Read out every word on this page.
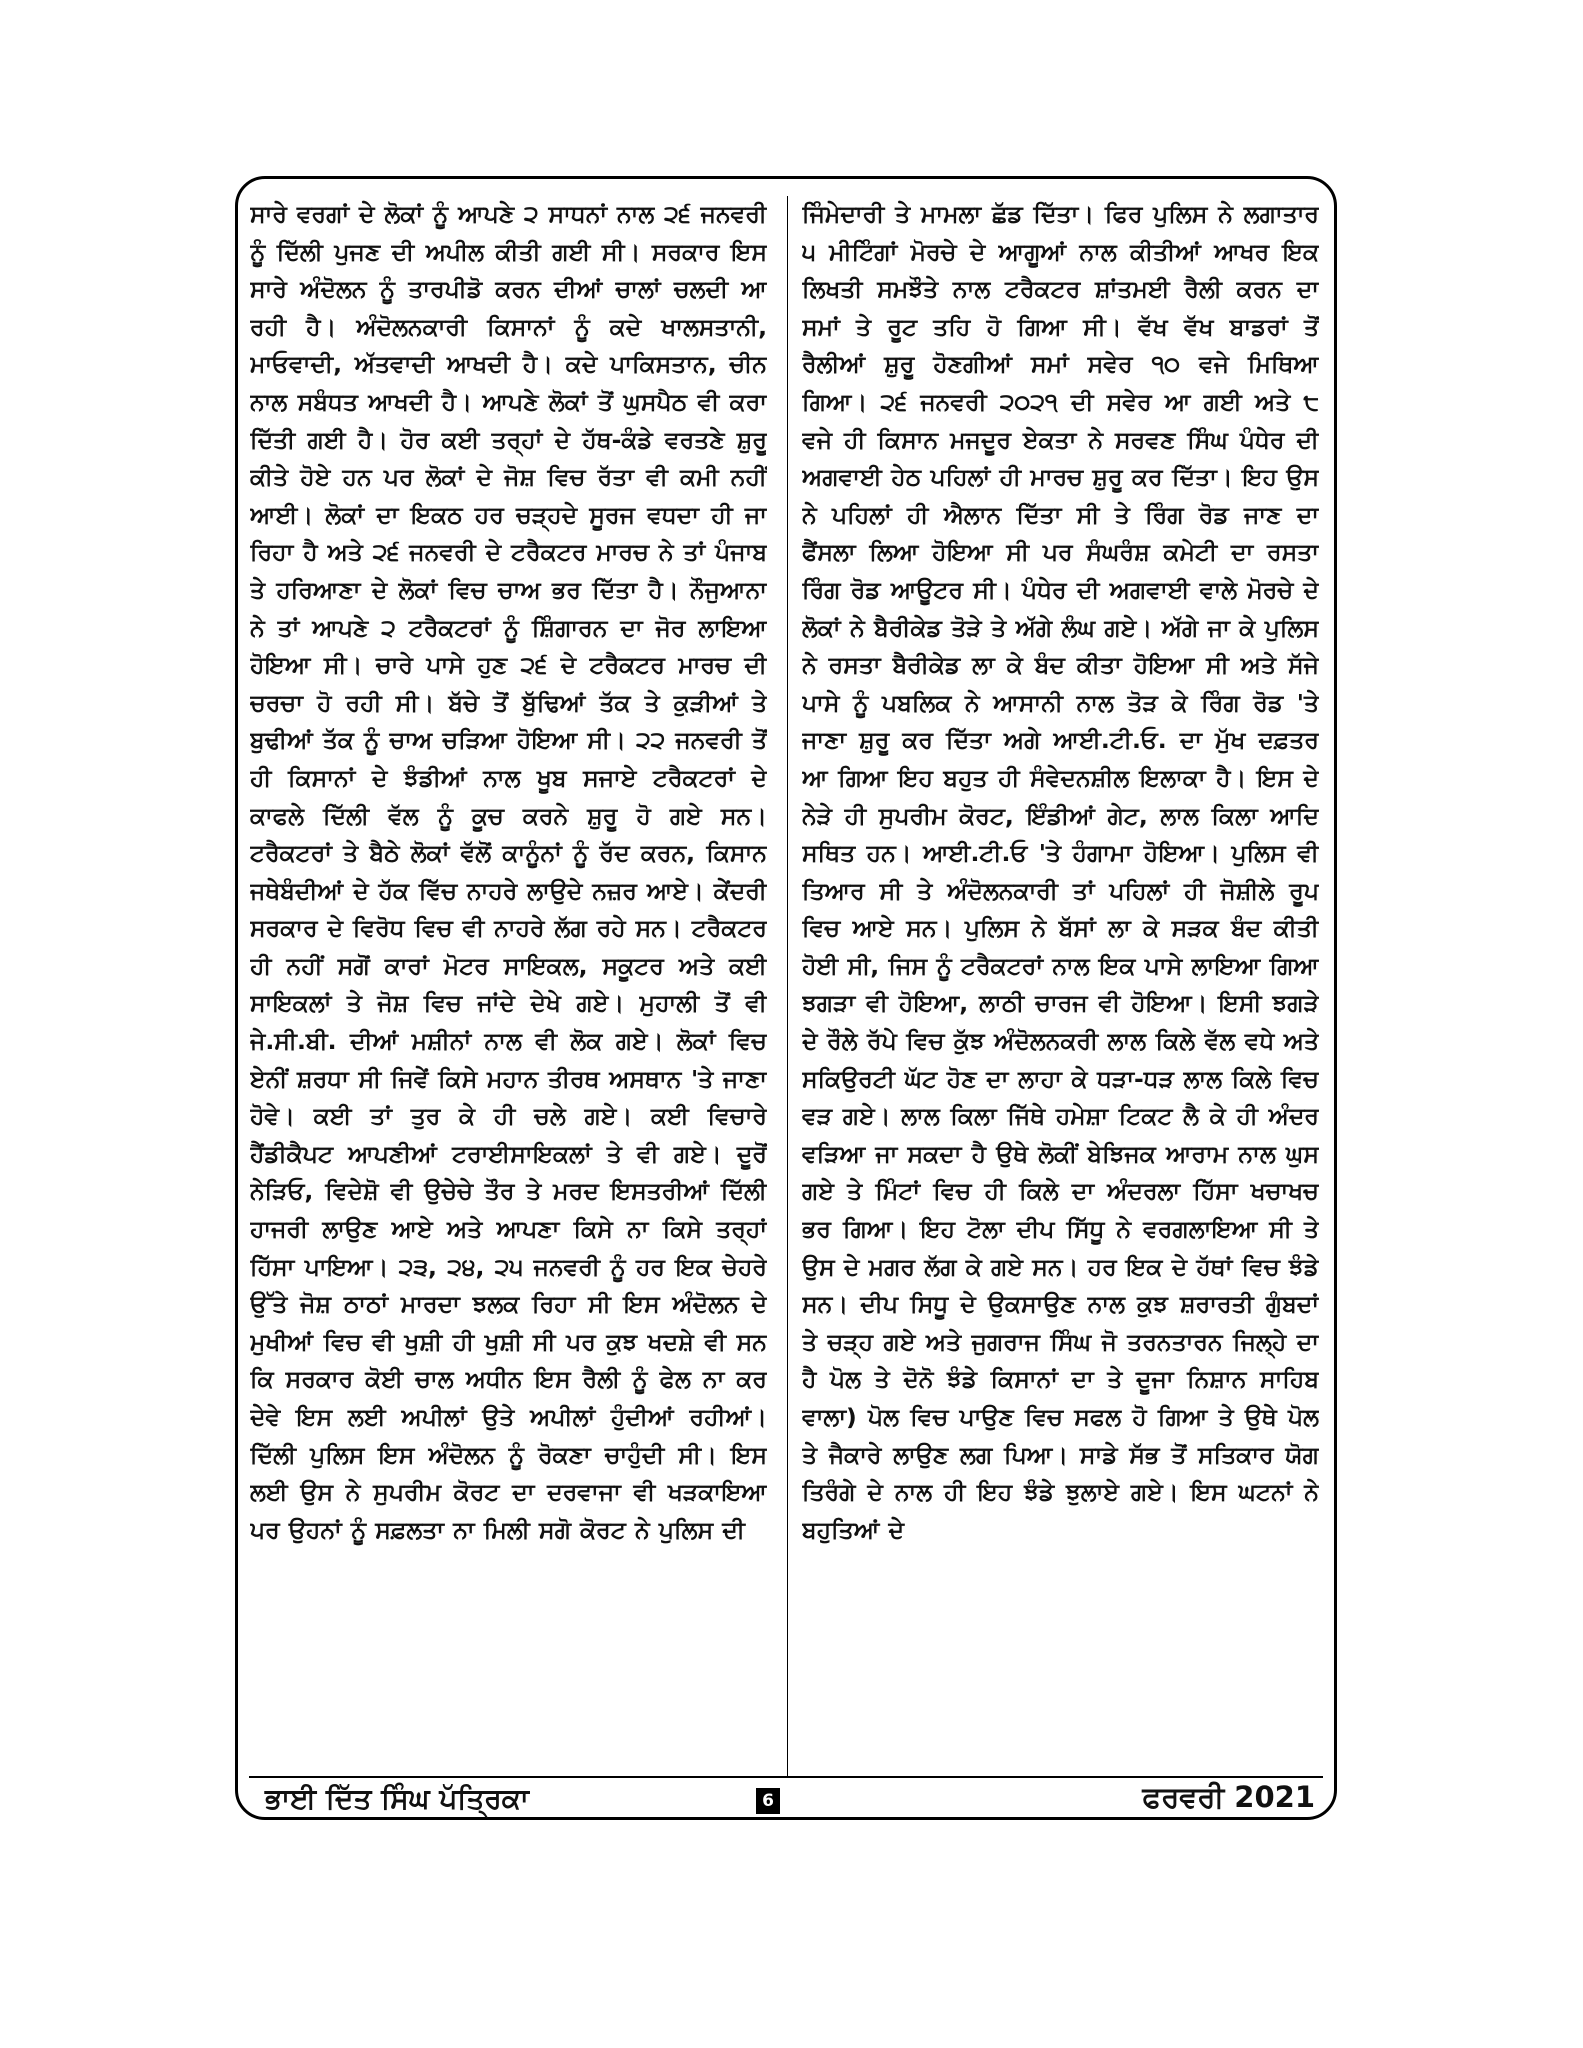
ਸਾਰੇ ਵਰਗਾਂ ਦੇ ਲੋਕਾਂ ਨੂੰ ਆਪਣੇ ੨ ਸਾਧਨਾਂ ਨਾਲ ੨੬ ਜਨਵਰੀ ਨੂੰ ਦਿੱਲੀ ਪੁਜਣ ਦੀ ਅਪੀਲ ਕੀਤੀ ਗਈ ਸੀ। ਸਰਕਾਰ ਇਸ ਸਾਰੇ ਅੰਦੋਲਨ ਨੂੰ ਤਾਰਪੀਡੋ ਕਰਨ ਦੀਆਂ ਚਾਲਾਂ ਚਲਦੀ ਆ ਰਹੀ ਹੈ। ਅੰਦੋਲਨਕਾਰੀ ਕਿਸਾਨਾਂ ਨੂੰ ਕਦੇ ਖਾਲਸਤਾਨੀ, ਮਾਓਵਾਦੀ, ਅੱਤਵਾਦੀ ਆਖਦੀ ਹੈ। ਕਦੇ ਪਾਕਿਸਤਾਨ, ਚੀਨ ਨਾਲ ਸਬੰਧਤ ਆਖਦੀ ਹੈ। ਆਪਣੇ ਲੋਕਾਂ ਤੋਂ ਘੁਸਪੈਠ ਵੀ ਕਰਾ ਦਿੱਤੀ ਗਈ ਹੈ। ਹੋਰ ਕਈ ਤਰ੍ਹਾਂ ਦੇ ਹੱਥ-ਕੰਡੇ ਵਰਤਣੇ ਸ਼ੁਰੂ ਕੀਤੇ ਹੋਏ ਹਨ ਪਰ ਲੋਕਾਂ ਦੇ ਜੋਸ਼ ਵਿਚ ਰੱਤਾ ਵੀ ਕਮੀ ਨਹੀਂ ਆਈ। ਲੋਕਾਂ ਦਾ ਇਕਠ ਹਰ ਚੜ੍ਹਦੇ ਸੂਰਜ ਵਧਦਾ ਹੀ ਜਾ ਰਿਹਾ ਹੈ ਅਤੇ ੨੬ ਜਨਵਰੀ ਦੇ ਟਰੈਕਟਰ ਮਾਰਚ ਨੇ ਤਾਂ ਪੰਜਾਬ ਤੇ ਹਰਿਆਣਾ ਦੇ ਲੋਕਾਂ ਵਿਚ ਚਾਅ ਭਰ ਦਿੱਤਾ ਹੈ। ਨੌਜੁਆਨਾ ਨੇ ਤਾਂ ਆਪਣੇ ੨ ਟਰੈਕਟਰਾਂ ਨੂੰ ਸ਼ਿੰਗਾਰਨ ਦਾ ਜੋਰ ਲਾਇਆ ਹੋਇਆ ਸੀ। ਚਾਰੇ ਪਾਸੇ ਹੁਣ ੨੬ ਦੇ ਟਰੈਕਟਰ ਮਾਰਚ ਦੀ ਚਰਚਾ ਹੋ ਰਹੀ ਸੀ। ਬੱਚੇ ਤੋਂ ਬੁੱਢਿਆਂ ਤੱਕ ਤੇ ਕੁੜੀਆਂ ਤੇ ਬੁਢੀਆਂ ਤੱਕ ਨੂੰ ਚਾਅ ਚੜਿਆ ਹੋਇਆ ਸੀ। ੨੨ ਜਨਵਰੀ ਤੋਂ ਹੀ ਕਿਸਾਨਾਂ ਦੇ ਝੰਡੀਆਂ ਨਾਲ ਖੂਬ ਸਜਾਏ ਟਰੈਕਟਰਾਂ ਦੇ ਕਾਫਲੇ ਦਿੱਲੀ ਵੱਲ ਨੂੰ ਕੂਚ ਕਰਨੇ ਸ਼ੁਰੂ ਹੋ ਗਏ ਸਨ। ਟਰੈਕਟਰਾਂ ਤੇ ਬੈਠੇ ਲੋਕਾਂ ਵੱਲੋਂ ਕਾਨੂੰਨਾਂ ਨੂੰ ਰੱਦ ਕਰਨ, ਕਿਸਾਨ ਜਥੇਬੰਦੀਆਂ ਦੇ ਹੱਕ ਵਿੱਚ ਨਾਹਰੇ ਲਾਉਦੇ ਨਜ਼ਰ ਆਏ। ਕੇਂਦਰੀ ਸਰਕਾਰ ਦੇ ਵਿਰੋਧ ਵਿਚ ਵੀ ਨਾਹਰੇ ਲੱਗ ਰਹੇ ਸਨ। ਟਰੈਕਟਰ ਹੀ ਨਹੀਂ ਸਗੋਂ ਕਾਰਾਂ ਮੋਟਰ ਸਾਇਕਲ, ਸਕੂਟਰ ਅਤੇ ਕਈ ਸਾਇਕਲਾਂ ਤੇ ਜੋਸ਼ ਵਿਚ ਜਾਂਦੇ ਦੇਖੇ ਗਏ। ਮੁਹਾਲੀ ਤੋਂ ਵੀ ਜੇ.ਸੀ.ਬੀ. ਦੀਆਂ ਮਸ਼ੀਨਾਂ ਨਾਲ ਵੀ ਲੋਕ ਗਏ। ਲੋਕਾਂ ਵਿਚ ਏਨੀਂ ਸ਼ਰਧਾ ਸੀ ਜਿਵੇਂ ਕਿਸੇ ਮਹਾਨ ਤੀਰਥ ਅਸਥਾਨ 'ਤੇ ਜਾਣਾ ਹੋਵੇ। ਕਈ ਤਾਂ ਤੁਰ ਕੇ ਹੀ ਚਲੇ ਗਏ। ਕਈ ਵਿਚਾਰੇ ਹੈਂਡੀਕੈਪਟ ਆਪਣੀਆਂ ਟਰਾਈਸਾਇਕਲਾਂ ਤੇ ਵੀ ਗਏ। ਦੂਰੋਂ ਨੇੜਿਓ, ਵਿਦੇਸ਼ੋ ਵੀ ਉਚੇਚੇ ਤੌਰ ਤੇ ਮਰਦ ਇਸਤਰੀਆਂ ਦਿੱਲੀ ਹਾਜਰੀ ਲਾਉਣ ਆਏ ਅਤੇ ਆਪਣਾ ਕਿਸੇ ਨਾ ਕਿਸੇ ਤਰ੍ਹਾਂ ਹਿੱਸਾ ਪਾਇਆ। ੨੩, ੨੪, ੨੫ ਜਨਵਰੀ ਨੂੰ ਹਰ ਇਕ ਚੇਹਰੇ ਉੱਤੇ ਜੋਸ਼ ਠਾਠਾਂ ਮਾਰਦਾ ਝਲਕ ਰਿਹਾ ਸੀ ਇਸ ਅੰਦੋਲਨ ਦੇ ਮੁਖੀਆਂ ਵਿਚ ਵੀ ਖੁਸ਼ੀ ਹੀ ਖੁਸ਼ੀ ਸੀ ਪਰ ਕੁਝ ਖਦਸ਼ੇ ਵੀ ਸਨ ਕਿ ਸਰਕਾਰ ਕੋਈ ਚਾਲ ਅਧੀਨ ਇਸ ਰੈਲੀ ਨੂੰ ਫੇਲ ਨਾ ਕਰ ਦੇਵੇ ਇਸ ਲਈ ਅਪੀਲਾਂ ਉਤੇ ਅਪੀਲਾਂ ਹੁੰਦੀਆਂ ਰਹੀਆਂ। ਦਿੱਲੀ ਪੁਲਿਸ ਇਸ ਅੰਦੋਲਨ ਨੂੰ ਰੋਕਣਾ ਚਾਹੁੰਦੀ ਸੀ। ਇਸ ਲਈ ਉਸ ਨੇ ਸੁਪਰੀਮ ਕੋਰਟ ਦਾ ਦਰਵਾਜਾ ਵੀ ਖੜਕਾਇਆ ਪਰ ਉਹਨਾਂ ਨੂੰ ਸਫ਼ਲਤਾ ਨਾ ਮਿਲੀ ਸਗੋ ਕੋਰਟ ਨੇ ਪੁਲਿਸ ਦੀ

ਜਿੰਮੇਦਾਰੀ ਤੇ ਮਾਮਲਾ ਛੱਡ ਦਿੱਤਾ। ਫਿਰ ਪੁਲਿਸ ਨੇ ਲਗਾਤਾਰ ੫ ਮੀਟਿੰਗਾਂ ਮੋਰਚੇ ਦੇ ਆਗੂਆਂ ਨਾਲ ਕੀਤੀਆਂ ਆਖਰ ਇਕ ਲਿਖਤੀ ਸਮਝੌਤੇ ਨਾਲ ਟਰੈਕਟਰ ਸ਼ਾਂਤਮਈ ਰੈਲੀ ਕਰਨ ਦਾ ਸਮਾਂ ਤੇ ਰੂਟ ਤਹਿ ਹੋ ਗਿਆ ਸੀ। ਵੱਖ ਵੱਖ ਬਾਡਰਾਂ ਤੋਂ ਰੈਲੀਆਂ ਸ਼ੁਰੂ ਹੋਣਗੀਆਂ ਸਮਾਂ ਸਵੇਰ ੧੦ ਵਜੇ ਮਿਥਿਆ ਗਿਆ। ੨੬ ਜਨਵਰੀ ੨੦੨੧ ਦੀ ਸਵੇਰ ਆ ਗਈ ਅਤੇ ੮ ਵਜੇ ਹੀ ਕਿਸਾਨ ਮਜਦੂਰ ਏਕਤਾ ਨੇ ਸਰਵਣ ਸਿੰਘ ਪੰਧੇਰ ਦੀ ਅਗਵਾਈ ਹੇਠ ਪਹਿਲਾਂ ਹੀ ਮਾਰਚ ਸ਼ੁਰੂ ਕਰ ਦਿੱਤਾ। ਇਹ ਉਸ ਨੇ ਪਹਿਲਾਂ ਹੀ ਐਲਾਨ ਦਿੱਤਾ ਸੀ ਤੇ ਰਿੰਗ ਰੋਡ ਜਾਣ ਦਾ ਫੈਂਸਲਾ ਲਿਆ ਹੋਇਆ ਸੀ ਪਰ ਸੰਘਰੰਸ਼ ਕਮੇਟੀ ਦਾ ਰਸਤਾ ਰਿੰਗ ਰੋਡ ਆਊਟਰ ਸੀ। ਪੰਧੇਰ ਦੀ ਅਗਵਾਈ ਵਾਲੇ ਮੋਰਚੇ ਦੇ ਲੋਕਾਂ ਨੇ ਬੈਰੀਕੇਡ ਤੋੜੇ ਤੇ ਅੱਗੇ ਲੰਘ ਗਏ। ਅੱਗੇ ਜਾ ਕੇ ਪੁਲਿਸ ਨੇ ਰਸਤਾ ਬੈਰੀਕੇਡ ਲਾ ਕੇ ਬੰਦ ਕੀਤਾ ਹੋਇਆ ਸੀ ਅਤੇ ਸੱਜੇ ਪਾਸੇ ਨੂੰ ਪਬਲਿਕ ਨੇ ਆਸਾਨੀ ਨਾਲ ਤੋੜ ਕੇ ਰਿੰਗ ਰੋਡ 'ਤੇ ਜਾਣਾ ਸ਼ੁਰੂ ਕਰ ਦਿੱਤਾ ਅਗੇ ਆਈ.ਟੀ.ਓ. ਦਾ ਮੁੱਖ ਦਫ਼ਤਰ ਆ ਗਿਆ ਇਹ ਬਹੁਤ ਹੀ ਸੰਵੇਦਨਸ਼ੀਲ ਇਲਾਕਾ ਹੈ। ਇਸ ਦੇ ਨੇੜੇ ਹੀ ਸੁਪਰੀਮ ਕੋਰਟ, ਇੰਡੀਆਂ ਗੇਟ, ਲਾਲ ਕਿਲਾ ਆਦਿ ਸਥਿਤ ਹਨ। ਆਈ.ਟੀ.ਓ 'ਤੇ ਹੰਗਾਮਾ ਹੋਇਆ। ਪੁਲਿਸ ਵੀ ਤਿਆਰ ਸੀ ਤੇ ਅੰਦੋਲਨਕਾਰੀ ਤਾਂ ਪਹਿਲਾਂ ਹੀ ਜੋਸ਼ੀਲੇ ਰੂਪ ਵਿਚ ਆਏ ਸਨ। ਪੁਲਿਸ ਨੇ ਬੱਸਾਂ ਲਾ ਕੇ ਸੜਕ ਬੰਦ ਕੀਤੀ ਹੋਈ ਸੀ, ਜਿਸ ਨੂੰ ਟਰੈਕਟਰਾਂ ਨਾਲ ਇਕ ਪਾਸੇ ਲਾਇਆ ਗਿਆ ਝਗੜਾ ਵੀ ਹੋਇਆ, ਲਾਠੀ ਚਾਰਜ ਵੀ ਹੋਇਆ। ਇਸੀ ਝਗੜੇ ਦੇ ਰੌਲੇ ਰੱਪੇ ਵਿਚ ਕੁੱਝ ਅੰਦੋਲਨਕਰੀ ਲਾਲ ਕਿਲੇ ਵੱਲ ਵਧੇ ਅਤੇ ਸਕਿਉਰਟੀ ਘੱਟ ਹੋਣ ਦਾ ਲਾਹਾ ਕੇ ਧੜਾ-ਧੜ ਲਾਲ ਕਿਲੇ ਵਿਚ ਵੜ ਗਏ। ਲਾਲ ਕਿਲਾ ਜਿੱਥੇ ਹਮੇਸ਼ਾ ਟਿਕਟ ਲੈ ਕੇ ਹੀ ਅੰਦਰ ਵੜਿਆ ਜਾ ਸਕਦਾ ਹੈ ਉਥੇ ਲੋਕੀਂ ਬੇਝਿਜਕ ਆਰਾਮ ਨਾਲ ਘੁਸ ਗਏ ਤੇ ਮਿੰਟਾਂ ਵਿਚ ਹੀ ਕਿਲੇ ਦਾ ਅੰਦਰਲਾ ਹਿੱਸਾ ਖਚਾਖਚ ਭਰ ਗਿਆ। ਇਹ ਟੋਲਾ ਦੀਪ ਸਿੱਧੂ ਨੇ ਵਰਗਲਾਇਆ ਸੀ ਤੇ ਉਸ ਦੇ ਮਗਰ ਲੱਗ ਕੇ ਗਏ ਸਨ। ਹਰ ਇਕ ਦੇ ਹੱਥਾਂ ਵਿਚ ਝੰਡੇ ਸਨ। ਦੀਪ ਸਿਧੂ ਦੇ ਉਕਸਾਉਣ ਨਾਲ ਕੁਝ ਸ਼ਰਾਰਤੀ ਗੁੰਬਦਾਂ ਤੇ ਚੜ੍ਹ ਗਏ ਅਤੇ ਜੁਗਰਾਜ ਸਿੰਘ ਜੋ ਤਰਨਤਾਰਨ ਜਿਲ੍ਹੇ ਦਾ ਹੈ ਪੋਲ ਤੇ ਦੋਨੋ ਝੰਡੇ ਕਿਸਾਨਾਂ ਦਾ ਤੇ ਦੂਜਾ ਨਿਸ਼ਾਨ ਸਾਹਿਬ ਵਾਲਾ) ਪੋਲ ਵਿਚ ਪਾਉਣ ਵਿਚ ਸਫਲ ਹੋ ਗਿਆ ਤੇ ਉਥੇ ਪੋਲ ਤੇ ਜੈਕਾਰੇ ਲਾਉਣ ਲਗ ਪਿਆ। ਸਾਡੇ ਸੱਭ ਤੋਂ ਸਤਿਕਾਰ ਯੋਗ ਤਿਰੰਗੇ ਦੇ ਨਾਲ ਹੀ ਇਹ ਝੰਡੇ ਝੁਲਾਏ ਗਏ। ਇਸ ਘਟਨਾਂ ਨੇ ਬਹੁਤਿਆਂ ਦੇ

ਭਾਈ ਦਿੱਤ ਸਿੰਘ ਪੱਤ੍ਰਿਕਾ	6	ਫਰਵਰੀ 2021
